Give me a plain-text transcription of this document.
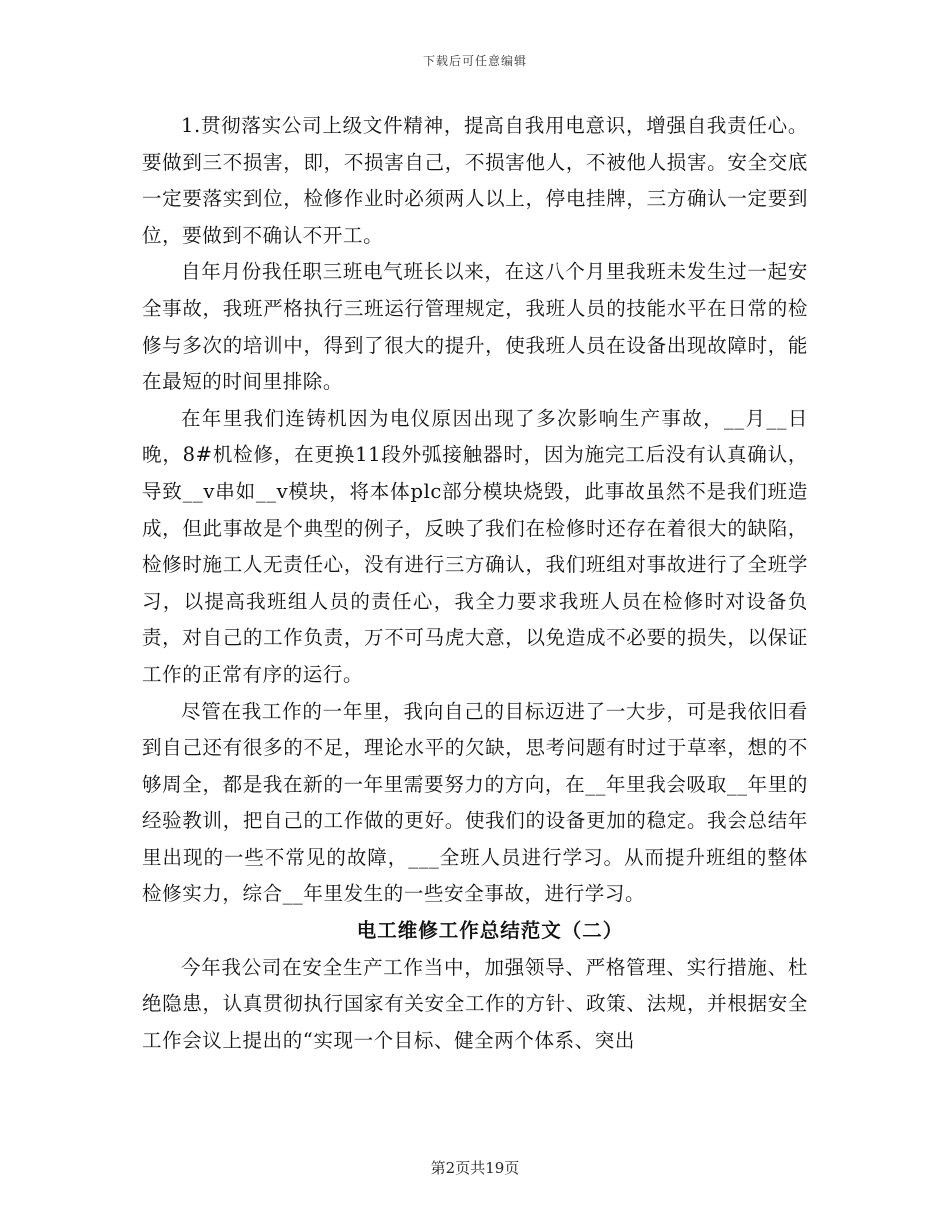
下载后可任意编辑

1.贯彻落实公司上级文件精神，提高自我用电意识，增强自我责任心。要做到三不损害，即，不损害自己，不损害他人，不被他人损害。安全交底一定要落实到位，检修作业时必须两人以上，停电挂牌，三方确认一定要到位，要做到不确认不开工。

自年月份我任职三班电气班长以来，在这八个月里我班未发生过一起安全事故，我班严格执行三班运行管理规定，我班人员的技能水平在日常的检修与多次的培训中，得到了很大的提升，使我班人员在设备出现故障时，能在最短的时间里排除。

在年里我们连铸机因为电仪原因出现了多次影响生产事故，__月__日晚，8#机检修，在更换11段外弧接触器时，因为施完工后没有认真确认，导致__v串如__v模块，将本体plc部分模块烧毁，此事故虽然不是我们班造成，但此事故是个典型的例子，反映了我们在检修时还存在着很大的缺陷，检修时施工人无责任心，没有进行三方确认，我们班组对事故进行了全班学习，以提高我班组人员的责任心，我全力要求我班人员在检修时对设备负责，对自己的工作负责，万不可马虎大意，以免造成不必要的损失，以保证工作的正常有序的运行。

尽管在我工作的一年里，我向自己的目标迈进了一大步，可是我依旧看到自己还有很多的不足，理论水平的欠缺，思考问题有时过于草率，想的不够周全，都是我在新的一年里需要努力的方向，在__年里我会吸取__年里的经验教训，把自己的工作做的更好。使我们的设备更加的稳定。我会总结年里出现的一些不常见的故障，___全班人员进行学习。从而提升班组的整体检修实力，综合__年里发生的一些安全事故，进行学习。

电工维修工作总结范文（二）

今年我公司在安全生产工作当中，加强领导、严格管理、实行措施、杜绝隐患，认真贯彻执行国家有关安全工作的方针、政策、法规，并根据安全工作会议上提出的“实现一个目标、健全两个体系、突出

第2页共19页
